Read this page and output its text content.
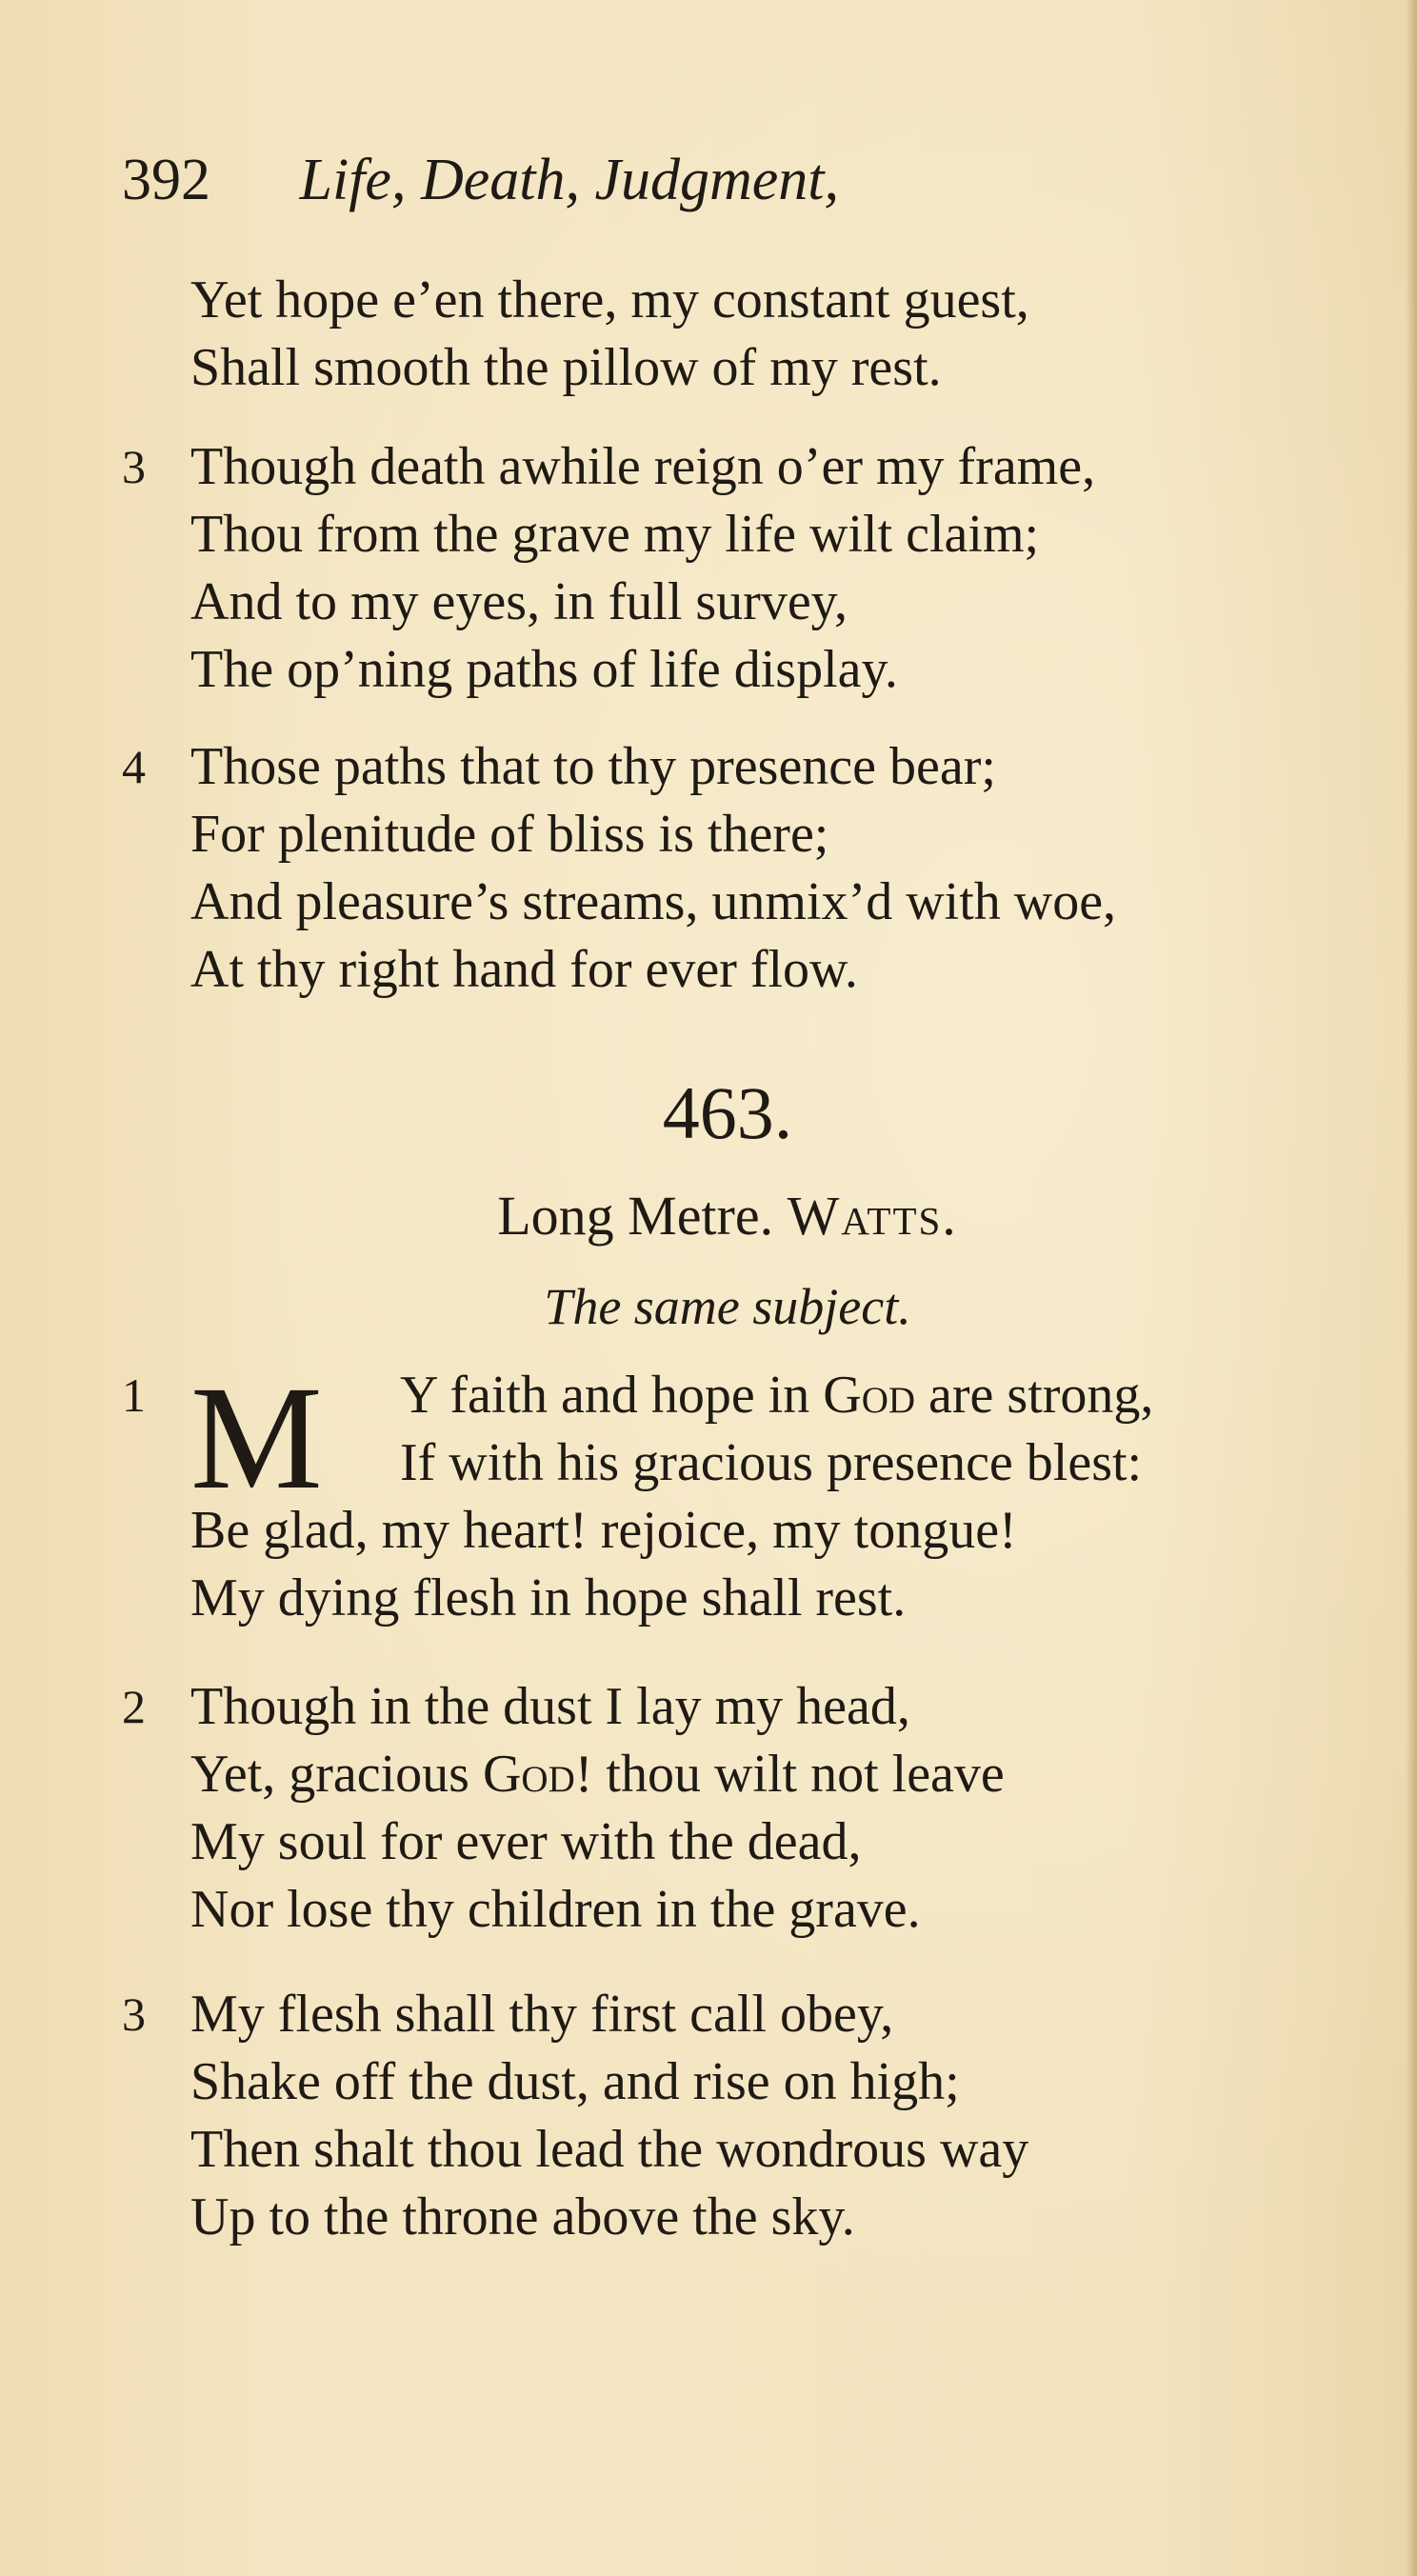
392 Life, Death, Judgment,
Yet hope e’en there, my constant guest,
Shall smooth the pillow of my rest.
3 Though death awhile reign o’er my frame,
Thou from the grave my life wilt claim;
And to my eyes, in full survey,
The op’ning paths of life display.
4 Those paths that to thy presence bear;
For plenitude of bliss is there;
And pleasure’s streams, unmix’d with woe,
At thy right hand for ever flow.
463.
Long Metre. Watts.
The same subject.
1 M	Y faith and hope in God are strong,
If with his gracious presence blest:
Be glad, my heart! rejoice, my tongue!
My dying flesh in hope shall rest.
2 Though in the dust I lay my head,
Yet, gracious God! thou wilt not leave
My soul for ever with the dead,
Nor lose thy children in the grave.
3 My flesh shall thy first call obey,
Shake off the dust, and rise on high;
Then shalt thou lead the wondrous way
Up to the throne above the sky.
